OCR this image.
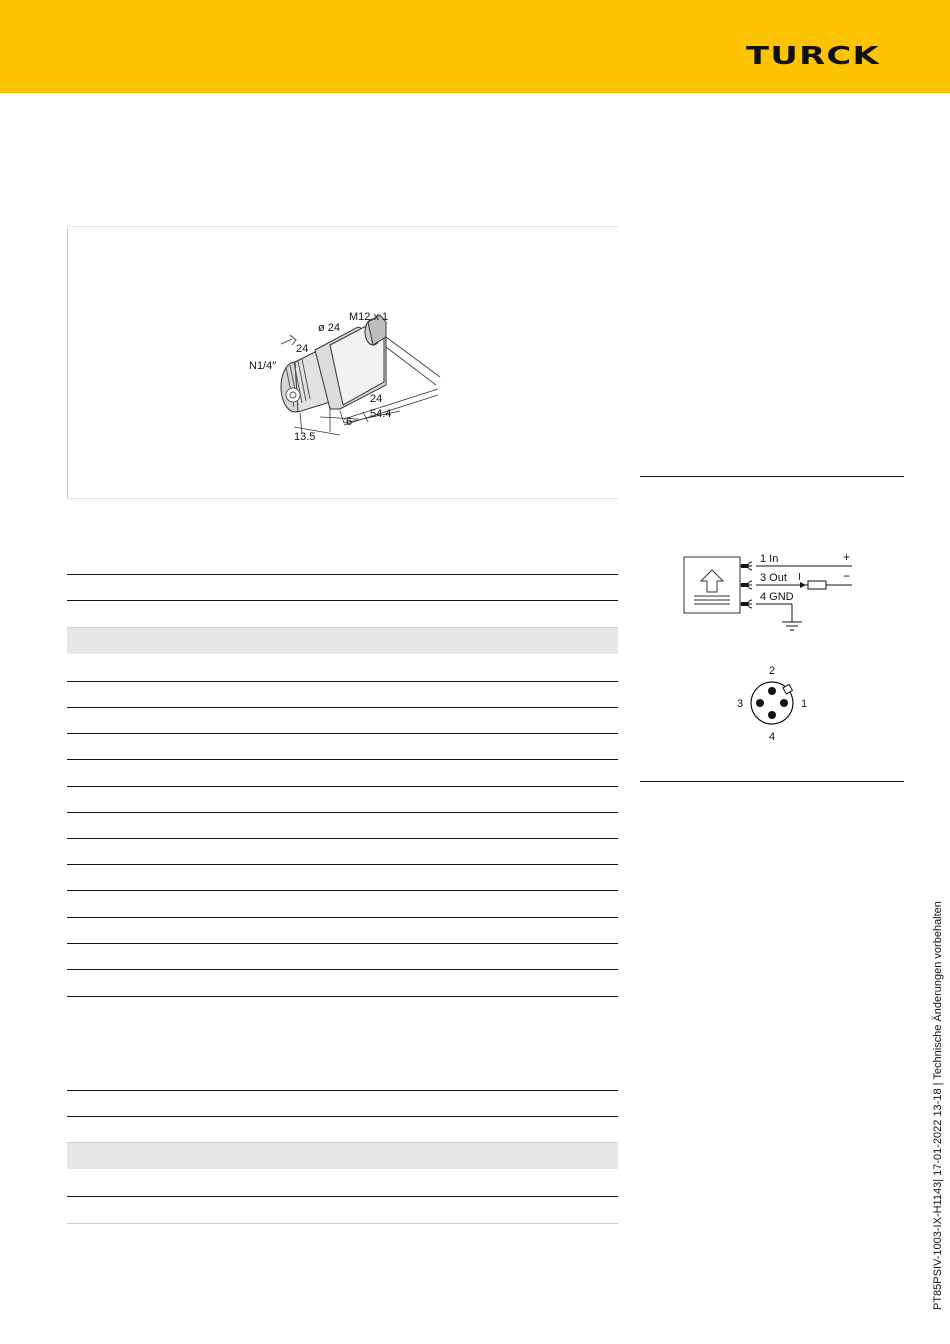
TURCK
M12 x 1
ø 24
24
N1/4″
24
6
54.4
13.5
1 In
3 Out I
4 GND
+
−
2
1
3
4
PT85PSIV-1003-IX-H1143| 17-01-2022 13-18 | Technische Änderungen vorbehalten
